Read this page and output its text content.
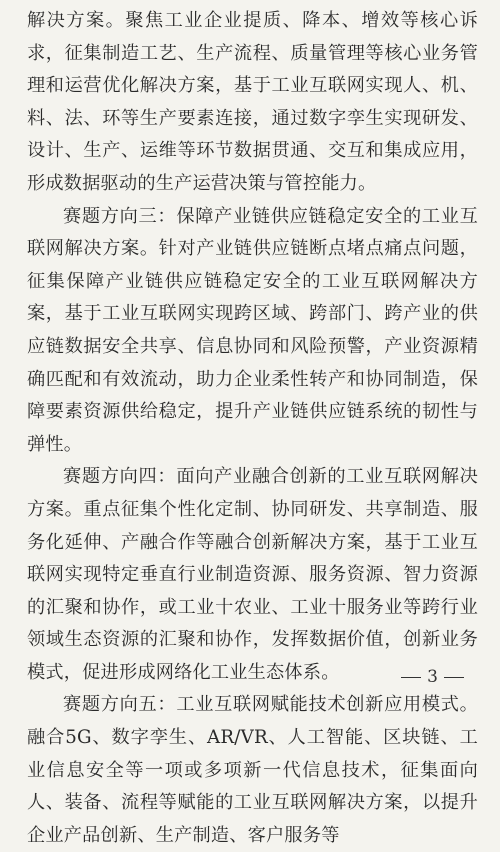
解决方案。聚焦工业企业提质、降本、增效等核心诉求，征集制造工艺、生产流程、质量管理等核心业务管理和运营优化解决方案，基于工业互联网实现人、机、料、法、环等生产要素连接，通过数字孪生实现研发、设计、生产、运维等环节数据贯通、交互和集成应用，形成数据驱动的生产运营决策与管控能力。

赛题方向三：保障产业链供应链稳定安全的工业互联网解决方案。针对产业链供应链断点堵点痛点问题，征集保障产业链供应链稳定安全的工业互联网解决方案，基于工业互联网实现跨区域、跨部门、跨产业的供应链数据安全共享、信息协同和风险预警，产业资源精确匹配和有效流动，助力企业柔性转产和协同制造，保障要素资源供给稳定，提升产业链供应链系统的韧性与弹性。

赛题方向四：面向产业融合创新的工业互联网解决方案。重点征集个性化定制、协同研发、共享制造、服务化延伸、产融合作等融合创新解决方案，基于工业互联网实现特定垂直行业制造资源、服务资源、智力资源的汇聚和协作，或工业十农业、工业十服务业等跨行业领域生态资源的汇聚和协作，发挥数据价值，创新业务模式，促进形成网络化工业生态体系。

赛题方向五：工业互联网赋能技术创新应用模式。融合5G、数字孪生、AR/VR、人工智能、区块链、工业信息安全等一项或多项新一代信息技术，征集面向人、装备、流程等赋能的工业互联网解决方案，以提升企业产品创新、生产制造、客户服务等

3
